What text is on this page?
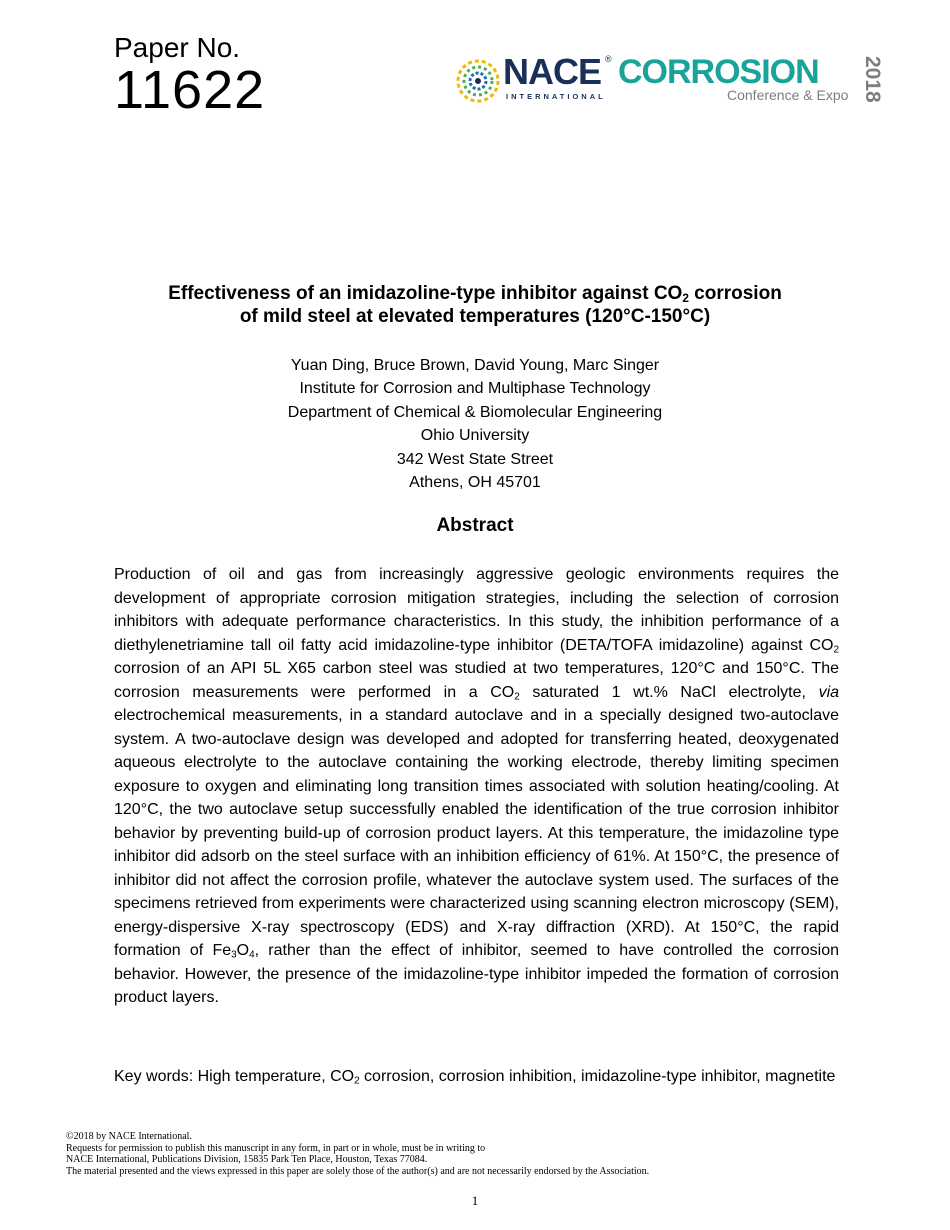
Paper No.
11622	NACE ®
INTERNATIONAL
CORROSION
Conference & Expo 2018
Effectiveness of an imidazoline-type inhibitor against $CO_2$ corrosion
of mild steel at elevated temperatures (120°C-150°C)
Yuan Ding, Bruce Brown, David Young, Marc Singer
Institute for Corrosion and Multiphase Technology
Department of Chemical & Biomolecular Engineering
Ohio University
342 West State Street
Athens, OH 45701
Abstract

Production of oil and gas from increasingly aggressive geologic environments requires the development of appropriate corrosion mitigation strategies, including the selection of corrosion inhibitors with adequate performance characteristics. In this study, the inhibition performance of a diethylenetriamine tall oil fatty acid imidazoline-type inhibitor (DETA/TOFA imidazoline) against $CO_2$ corrosion of an API 5L X65 carbon steel was studied at two temperatures, 120°C and 150°C. The corrosion measurements were performed in a $CO_2$ saturated 1 wt.% NaCl electrolyte, via electrochemical measurements, in a standard autoclave and in a specially designed two-autoclave system. A two-autoclave design was developed and adopted for transferring heated, deoxygenated aqueous electrolyte to the autoclave containing the working electrode, thereby limiting specimen exposure to oxygen and eliminating long transition times associated with solution heating/cooling. At 120°C, the two autoclave setup successfully enabled the identification of the true corrosion inhibitor behavior by preventing build-up of corrosion product layers. At this temperature, the imidazoline type inhibitor did adsorb on the steel surface with an inhibition efficiency of 61%. At 150°C, the presence of inhibitor did not affect the corrosion profile, whatever the autoclave system used. The surfaces of the specimens retrieved from experiments were characterized using scanning electron microscopy (SEM), energy-dispersive X-ray spectroscopy (EDS) and X-ray diffraction (XRD). At 150°C, the rapid formation of $Fe_3O_4$, rather than the effect of inhibitor, seemed to have controlled the corrosion behavior. However, the presence of the imidazoline-type inhibitor impeded the formation of corrosion product layers.

Key words: High temperature, $CO_2$ corrosion, corrosion inhibition, imidazoline-type inhibitor, magnetite

©2018 by NACE International.
Requests for permission to publish this manuscript in any form, in part or in whole, must be in writing to
NACE International, Publications Division, 15835 Park Ten Place, Houston, Texas 77084.
The material presented and the views expressed in this paper are solely those of the author(s) and are not necessarily endorsed by the Association.
1
